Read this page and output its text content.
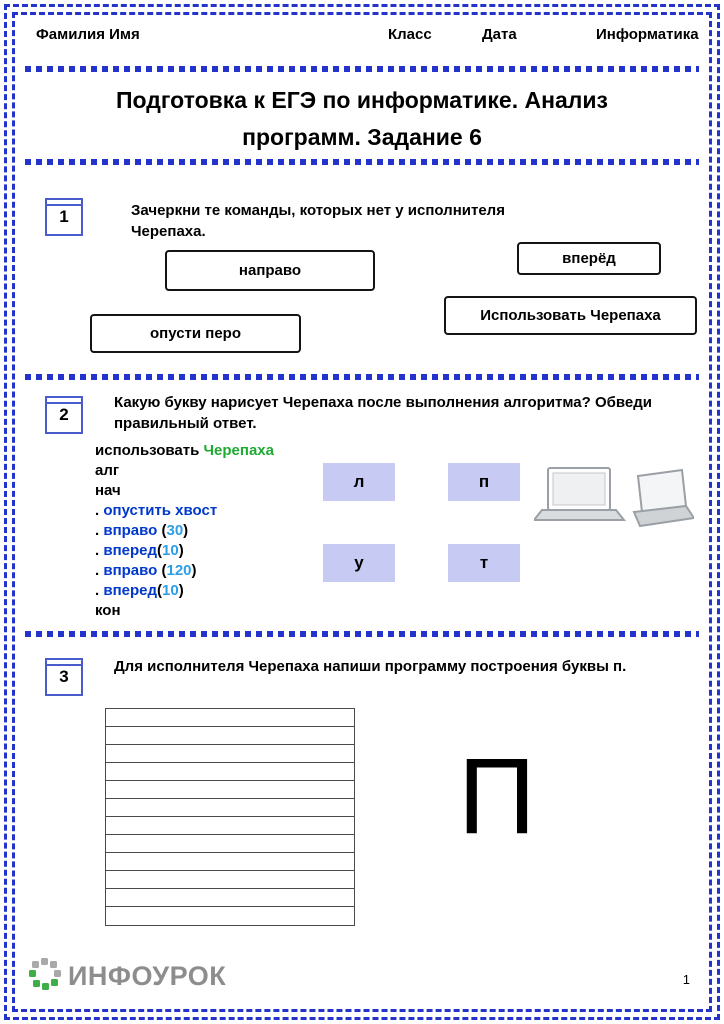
Фамилия Имя	Класс	Дата	Информатика
Подготовка к ЕГЭ по информатике. Анализ
программ. Задание 6
1	Зачеркни те команды, которых нет у исполнителя Черепаха.
направо
вперёд
Использовать Черепаха
опусти перо
2
Какую букву нарисует Черепаха после выполнения алгоритма? Обведи правильный ответ.
использовать Черепаха
алг
нач
. опустить хвост
. вправо (30)
. вперед(10)
. вправо (120)
. вперед(10)
кон
л	п
у	т
3
Для исполнителя Черепаха напиши программу построения буквы п.
П
ИНФОУРОК	1
